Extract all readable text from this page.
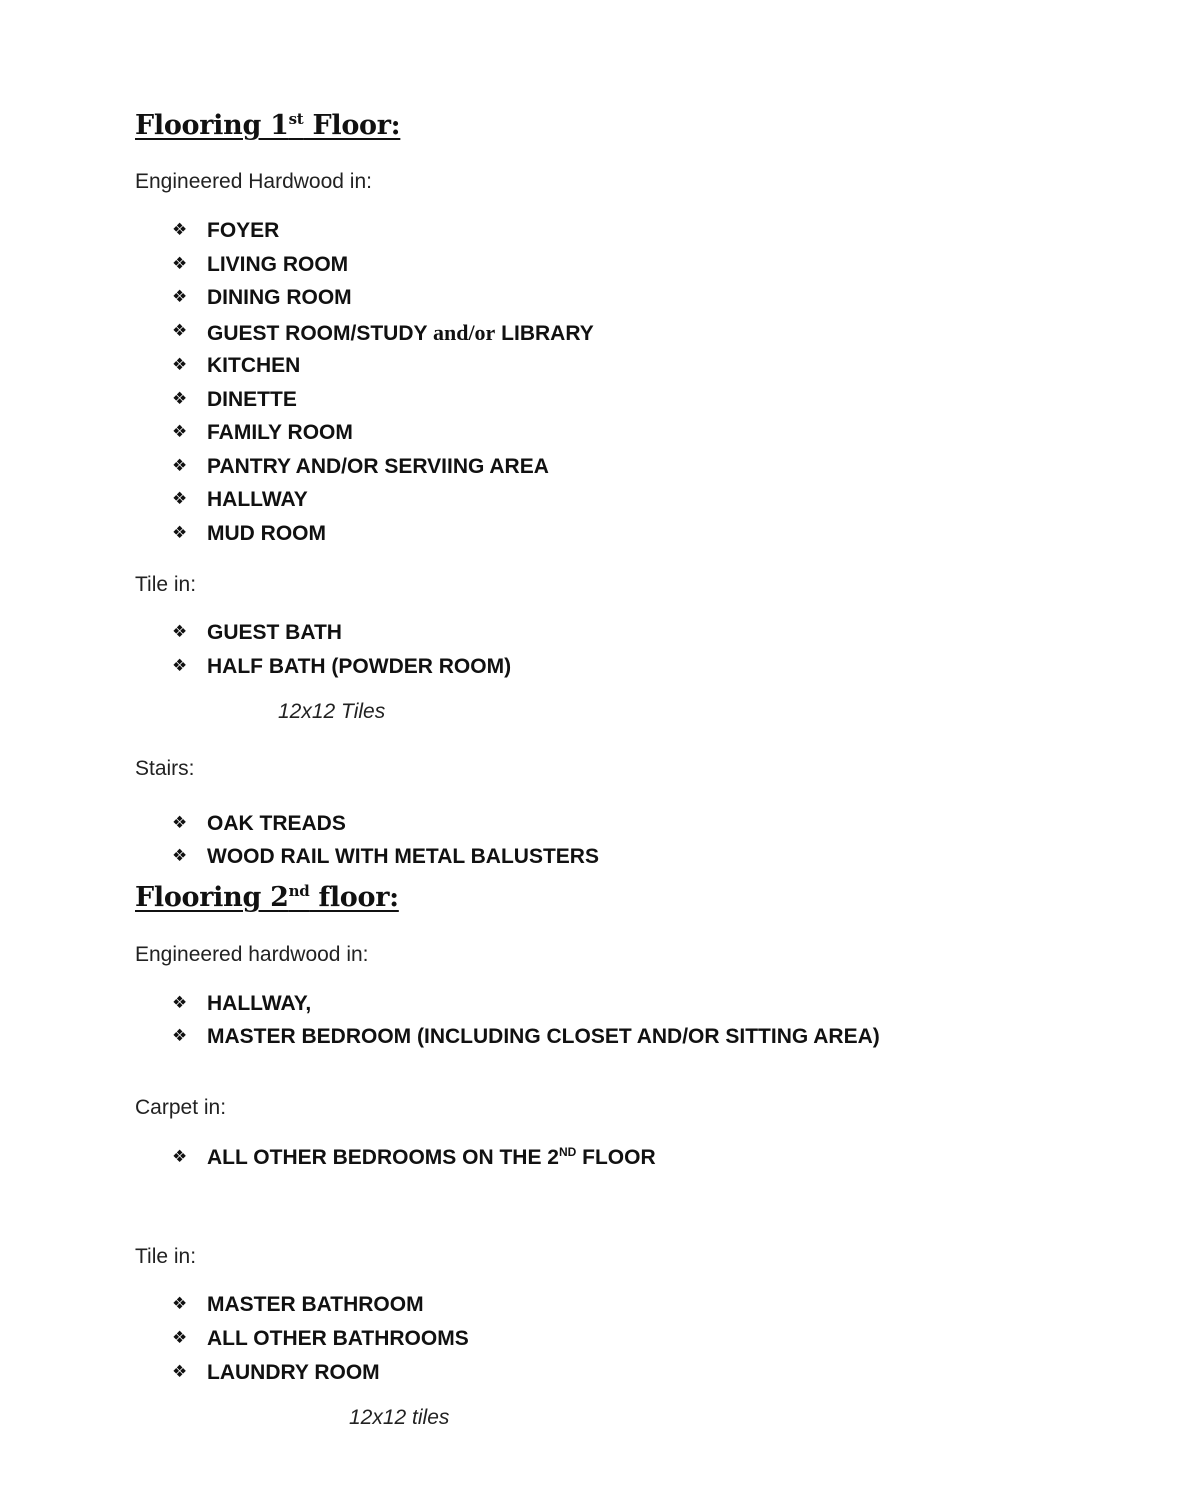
Flooring 1st Floor:
Engineered Hardwood in:
❖ FOYER
❖ LIVING ROOM
❖ DINING ROOM
❖ GUEST ROOM/STUDY and/or LIBRARY
❖ KITCHEN
❖ DINETTE
❖ FAMILY ROOM
❖ PANTRY AND/OR SERVIING AREA
❖ HALLWAY
❖ MUD ROOM
Tile in:
❖ GUEST BATH
❖ HALF BATH (POWDER ROOM)
12x12 Tiles
Stairs:
❖ OAK TREADS
❖ WOOD RAIL WITH METAL BALUSTERS
Flooring 2nd floor:
Engineered hardwood in:
❖ HALLWAY,
❖ MASTER BEDROOM (INCLUDING CLOSET AND/OR SITTING AREA)
Carpet in:
❖ ALL OTHER BEDROOMS ON THE 2ND FLOOR
Tile in:
❖ MASTER BATHROOM
❖ ALL OTHER BATHROOMS
❖ LAUNDRY ROOM
12x12 tiles
